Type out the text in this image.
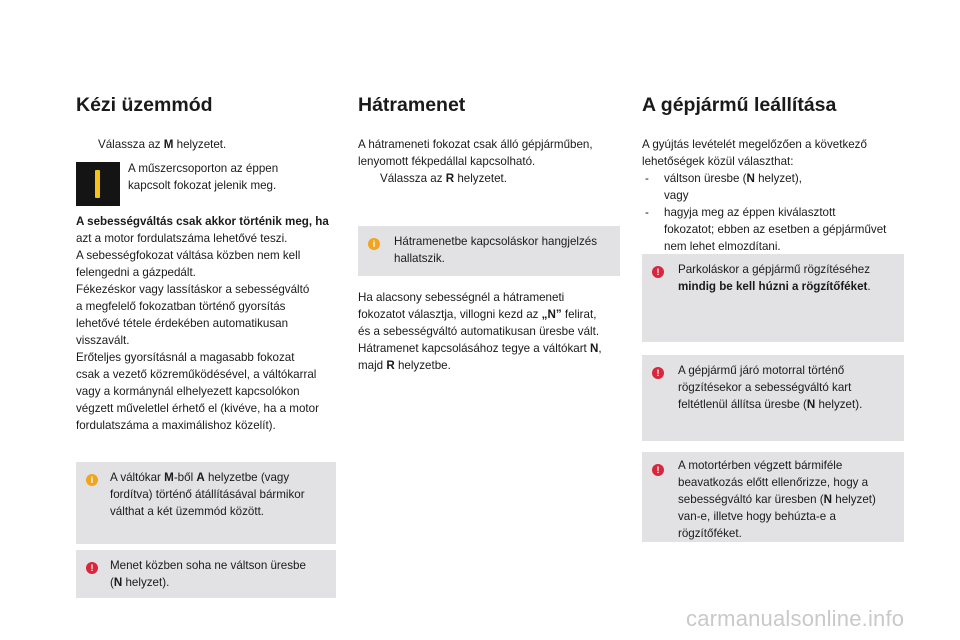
Kézi üzemmód
Válassza az M helyzetet.
A műszercsoporton az éppen
kapcsolt fokozat jelenik meg.
A sebességváltás csak akkor történik meg, ha
azt a motor fordulatszáma lehetővé teszi.
A sebességfokozat váltása közben nem kell
felengedni a gázpedált.
Fékezéskor vagy lassításkor a sebességváltó
a megfelelő fokozatban történő gyorsítás
lehetővé tétele érdekében automatikusan
visszavált.
Erőteljes gyorsításnál a magasabb fokozat
csak a vezető közreműködésével, a váltókarral
vagy a kormánynál elhelyezett kapcsolókon
végzett műveletlel érhető el (kivéve, ha a motor
fordulatszáma a maximálishoz közelít).
i	A váltókar M-ből A helyzetbe (vagy
fordítva) történő átállításával bármikor
válthat a két üzemmód között.
!	Menet közben soha ne váltson üresbe
(N helyzet).
Hátramenet
A hátrameneti fokozat csak álló gépjárműben,
lenyomott fékpedállal kapcsolható.
Válassza az R helyzetet.
i	Hátramenetbe kapcsoláskor hangjelzés
hallatszik.
Ha alacsony sebességnél a hátrameneti
fokozatot választja, villogni kezd az „N” felirat,
és a sebességváltó automatikusan üresbe vált.
Hátramenet kapcsolásához tegye a váltókart N,
majd R helyzetbe.
A gépjármű leállítása
A gyújtás levételét megelőzően a következő
lehetőségek közül választhat:
- váltson üresbe (N helyzet),
vagy
- hagyja meg az éppen kiválasztott
fokozatot; ebben az esetben a gépjárművet
nem lehet elmozdítani.
!	Parkoláskor a gépjármű rögzítéséhez
mindig be kell húzni a rögzítőféket.
!	A gépjármű járó motorral történő
rögzítésekor a sebességváltó kart
feltétlenül állítsa üresbe (N helyzet).
!	A motortérben végzett bármiféle
beavatkozás előtt ellenőrizze, hogy a
sebességváltó kar üresben (N helyzet)
van-e, illetve hogy behúzta-e a
rögzítőféket.
carmanualsonline.info
